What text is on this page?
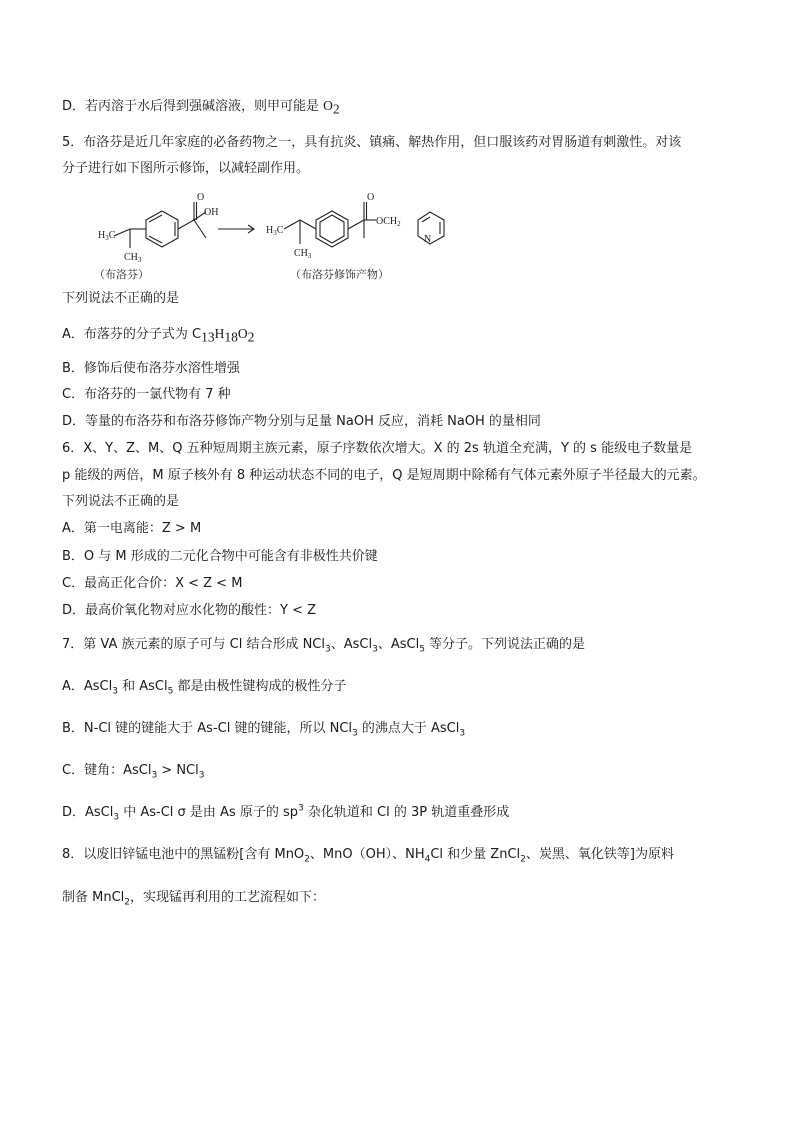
D．若丙溶于水后得到强碱溶液，则甲可能是 $O_2$
5．布洛芬是近几年家庭的必备药物之一，具有抗炎、镇痛、解热作用，但口服该药对胃肠道有刺激性。对该
分子进行如下图所示修饰，以减轻副作用。
O
OH
$H_3C$
$CH_3$
O
$OCH_2$
N
$H_3C$
$CH_3$
（布洛芬）	（布洛芬修饰产物）
下列说法不正确的是
A．布落芬的分子式为 $C_{13}H_{18}O_2$
B．修饰后使布洛芬水溶性增强
C．布洛芬的一氯代物有 7 种
D．等量的布洛芬和布洛芬修饰产物分别与足量 NaOH 反应，消耗 NaOH 的量相同
6．X、Y、Z、M、Q 五种短周期主族元素，原子序数依次增大。X 的 2s 轨道全充满，Y 的 s 能级电子数量是
p 能级的两倍，M 原子核外有 8 种运动状态不同的电子，Q 是短周期中除稀有气体元素外原子半径最大的元素。
下列说法不正确的是
A．第一电离能：Z > M
B．O 与 M 形成的二元化合物中可能含有非极性共价键
C．最高正化合价：X < Z < M
D．最高价氧化物对应水化物的酸性：Y < Z
7．第 VA 族元素的原子可与 Cl 结合形成 NCl$_3$、AsCl$_3$、AsCl$_5$ 等分子。下列说法正确的是
A．AsCl$_3$ 和 AsCl$_5$ 都是由极性键构成的极性分子
B．N-Cl 键的键能大于 As-Cl 键的键能，所以 NCl$_3$ 的沸点大于 AsCl$_3$
C．键角：AsCl$_3$ > NCl$_3$
D．AsCl$_3$ 中 As-Cl σ 是由 As 原子的 $sp^3$ 杂化轨道和 Cl 的 3P 轨道重叠形成
8．以废旧锌锰电池中的黑锰粉[含有 MnO$_2$、MnO（OH）、$NH_4Cl$ 和少量 ZnCl$_2$、炭黑、氧化铁等]为原料
制备 MnCl$_2$，实现锰再利用的工艺流程如下：
